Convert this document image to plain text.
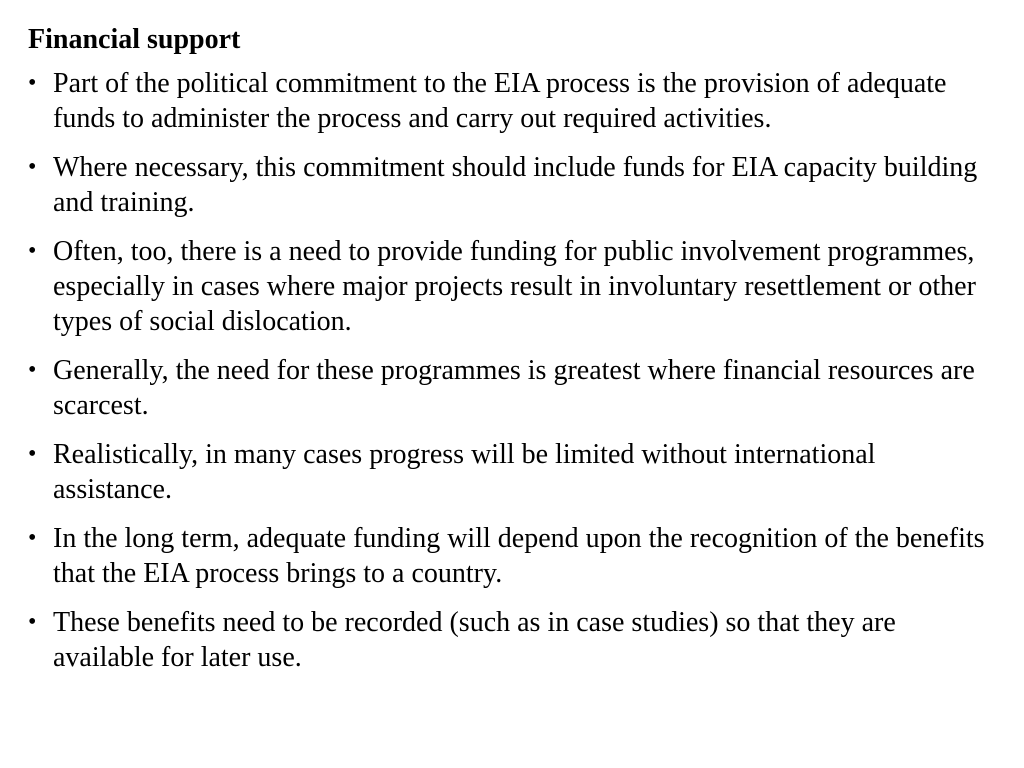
Financial support
• Part of the political commitment to the EIA process is the provision of adequate funds to administer the process and carry out required activities.
• Where necessary, this commitment should include funds for EIA capacity building and training.
• Often, too, there is a need to provide funding for public involvement programmes, especially in cases where major projects result in involuntary resettlement or other types of social dislocation.
• Generally, the need for these programmes is greatest where financial resources are scarcest.
• Realistically, in many cases progress will be limited without international assistance.
• In the long term, adequate funding will depend upon the recognition of the benefits that the EIA process brings to a country.
• These benefits need to be recorded (such as in case studies) so that they are available for later use.
